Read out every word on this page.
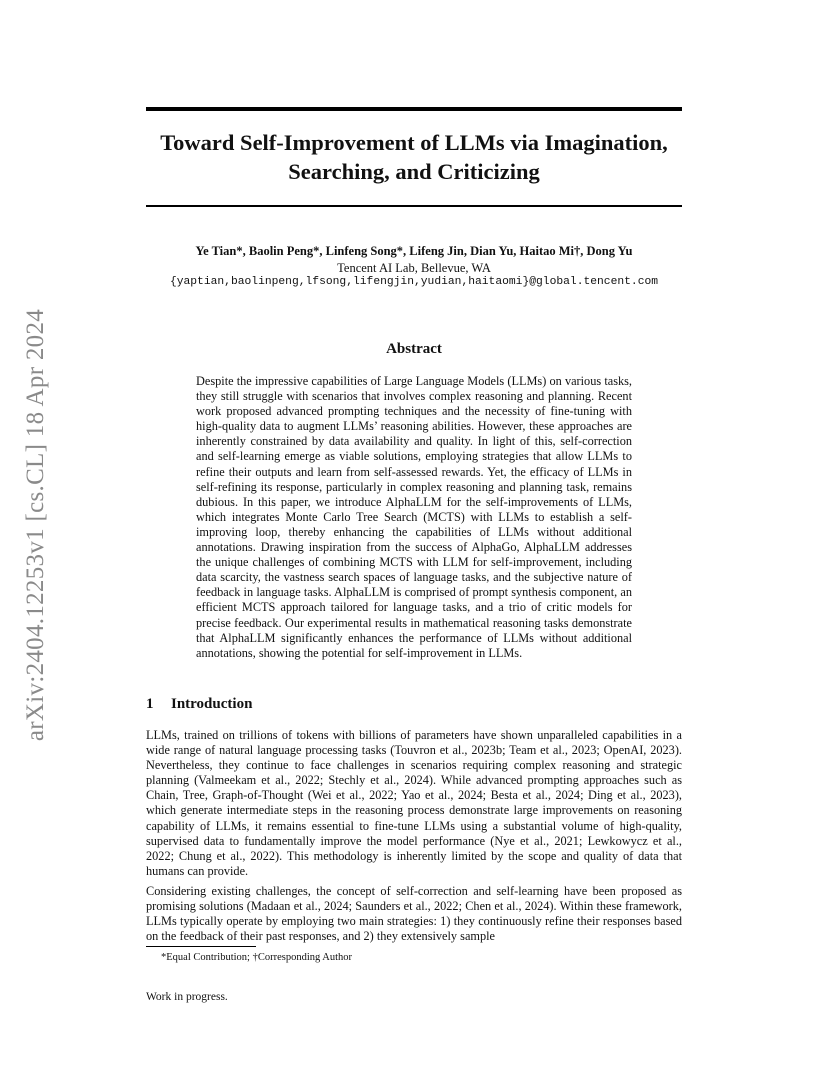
arXiv:2404.12253v1 [cs.CL] 18 Apr 2024
Toward Self-Improvement of LLMs via Imagination, Searching, and Criticizing

Ye Tian*, Baolin Peng*, Linfeng Song*, Lifeng Jin, Dian Yu, Haitao Mi†, Dong Yu

Tencent AI Lab, Bellevue, WA

{yaptian,baolinpeng,lfsong,lifengjin,yudian,haitaomi}@global.tencent.com

Abstract

Despite the impressive capabilities of Large Language Models (LLMs) on various tasks, they still struggle with scenarios that involves complex reasoning and planning. Recent work proposed advanced prompting techniques and the necessity of fine-tuning with high-quality data to augment LLMs’ reasoning abilities. However, these approaches are inherently constrained by data availability and quality. In light of this, self-correction and self-learning emerge as viable solutions, employing strategies that allow LLMs to refine their outputs and learn from self-assessed rewards. Yet, the efficacy of LLMs in self-refining its response, particularly in complex reasoning and planning task, remains dubious. In this paper, we introduce AlphaLLM for the self-improvements of LLMs, which integrates Monte Carlo Tree Search (MCTS) with LLMs to establish a self-improving loop, thereby enhancing the capabilities of LLMs without additional annotations. Drawing inspiration from the success of AlphaGo, AlphaLLM addresses the unique challenges of combining MCTS with LLM for self-improvement, including data scarcity, the vastness search spaces of language tasks, and the subjective nature of feedback in language tasks. AlphaLLM is comprised of prompt synthesis component, an efficient MCTS approach tailored for language tasks, and a trio of critic models for precise feedback. Our experimental results in mathematical reasoning tasks demonstrate that AlphaLLM significantly enhances the performance of LLMs without additional annotations, showing the potential for self-improvement in LLMs.

1 Introduction

LLMs, trained on trillions of tokens with billions of parameters have shown unparalleled capabilities in a wide range of natural language processing tasks (Touvron et al., 2023b; Team et al., 2023; OpenAI, 2023). Nevertheless, they continue to face challenges in scenarios requiring complex reasoning and strategic planning (Valmeekam et al., 2022; Stechly et al., 2024). While advanced prompting approaches such as Chain, Tree, Graph-of-Thought (Wei et al., 2022; Yao et al., 2024; Besta et al., 2024; Ding et al., 2023), which generate intermediate steps in the reasoning process demonstrate large improvements on reasoning capability of LLMs, it remains essential to fine-tune LLMs using a substantial volume of high-quality, supervised data to fundamentally improve the model performance (Nye et al., 2021; Lewkowycz et al., 2022; Chung et al., 2022). This methodology is inherently limited by the scope and quality of data that humans can provide.

Considering existing challenges, the concept of self-correction and self-learning have been proposed as promising solutions (Madaan et al., 2024; Saunders et al., 2022; Chen et al., 2024). Within these framework, LLMs typically operate by employing two main strategies: 1) they continuously refine their responses based on the feedback of their past responses, and 2) they extensively sample

*Equal Contribution; †Corresponding Author

Work in progress.
